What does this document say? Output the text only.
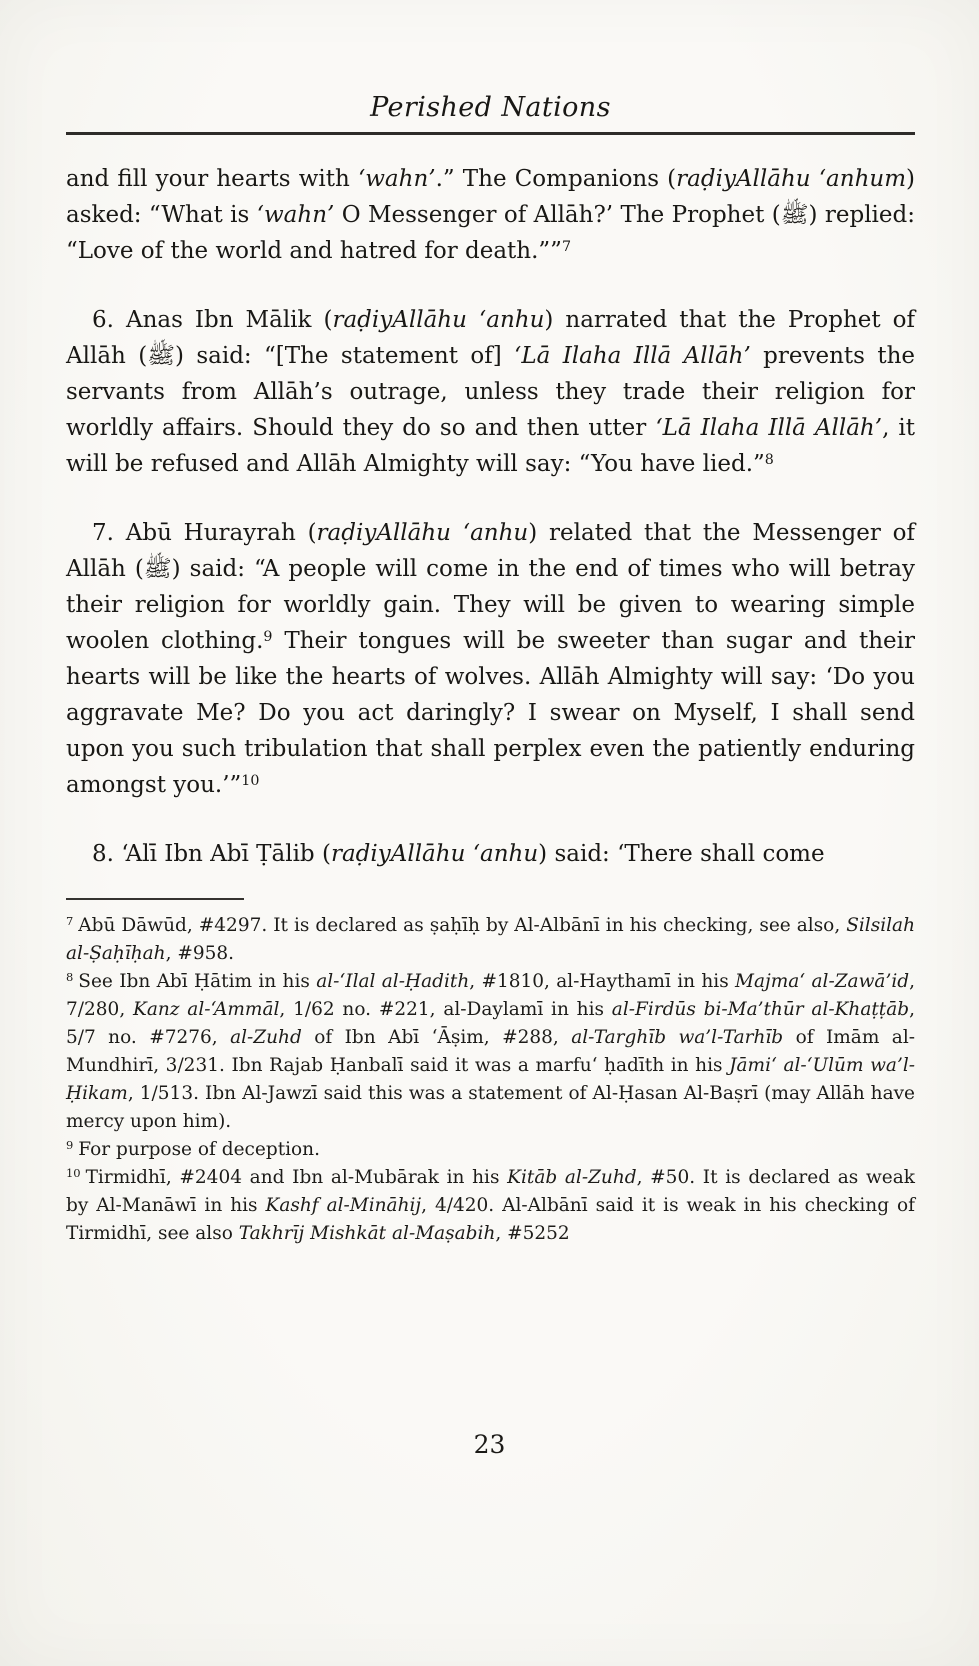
Perished Nations

and fill your hearts with ‘wahn’.” The Companions (raḍiyAllāhu ‘anhum) asked: “What is ‘wahn’ O Messenger of Allāh?’ The Prophet (ﷺ) replied: “Love of the world and hatred for death.””$^7$

6. Anas Ibn Mālik (raḍiyAllāhu ‘anhu) narrated that the Prophet of Allāh (ﷺ) said: “[The statement of] ‘Lā Ilaha Illā Allāh’ prevents the servants from Allāh’s outrage, unless they trade their religion for worldly affairs. Should they do so and then utter ‘Lā Ilaha Illā Allāh’, it will be refused and Allāh Almighty will say: “You have lied.”$^8$

7. Abū Hurayrah (raḍiyAllāhu ‘anhu) related that the Messenger of Allāh (ﷺ) said: “A people will come in the end of times who will betray their religion for worldly gain. They will be given to wearing simple woolen clothing.$^9$ Their tongues will be sweeter than sugar and their hearts will be like the hearts of wolves. Allāh Almighty will say: ‘Do you aggravate Me? Do you act daringly? I swear on Myself, I shall send upon you such tribulation that shall perplex even the patiently enduring amongst you.’”$^{10}$

8. ‘Alī Ibn Abī Ṭālib (raḍiyAllāhu ‘anhu) said: ‘There shall come

$^7$ Abū Dāwūd, #4297. It is declared as ṣaḥīḥ by Al-Albānī in his checking, see also, Silsilah al-Ṣaḥīḥah, #958.

$^8$ See Ibn Abī Ḥātim in his al-‘Ilal al-Ḥadith, #1810, al-Haythamī in his Majma‘ al-Zawā’id, 7/280, Kanz al-‘Ammāl, 1/62 no. #221, al-Daylamī in his al-Firdūs bi-Ma’thūr al-Khaṭṭāb, 5/7 no. #7276, al-Zuhd of Ibn Abī ‘Āṣim, #288, al-Targhīb wa’l-Tarhīb of Imām al-Mundhirī, 3/231. Ibn Rajab Ḥanbalī said it was a marfu‘ ḥadīth in his Jāmi‘ al-‘Ulūm wa’l-Ḥikam, 1/513. Ibn Al-Jawzī said this was a statement of Al-Ḥasan Al-Baṣrī (may Allāh have mercy upon him).

$^9$ For purpose of deception.

$^{10}$ Tirmidhī, #2404 and Ibn al-Mubārak in his Kitāb al-Zuhd, #50. It is declared as weak by Al-Manāwī in his Kashf al-Mināhij, 4/420. Al-Albānī said it is weak in his checking of Tirmidhī, see also Takhrīj Mishkāt al-Maṣabih, #5252

23
